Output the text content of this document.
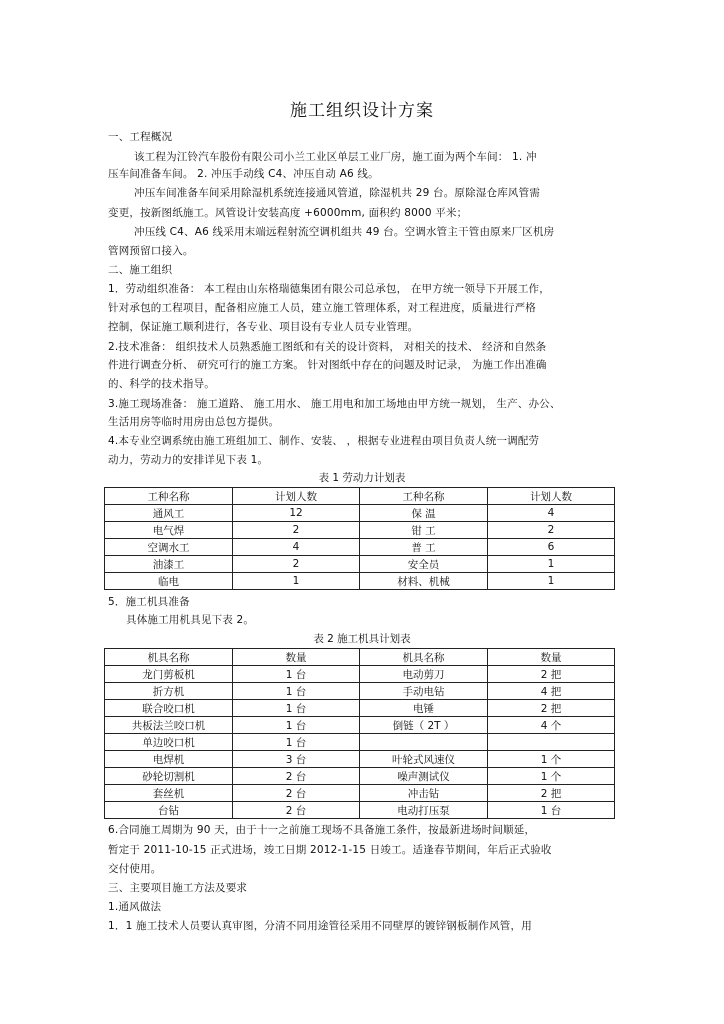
施工组织设计方案
一、工程概况
该工程为江铃汽车股份有限公司小兰工业区单层工业厂房，施工面为两个车间： 1. 冲
压车间准备车间。 2. 冲压手动线 C4、冲压自动 A6 线。
冲压车间准备车间采用除湿机系统连接通风管道，除湿机共 29 台。原除湿仓库风管需
变更，按新图纸施工。风管设计安装高度 +6000mm, 面积约 8000 平米；
冲压线 C4、A6 线采用末端远程射流空调机组共 49 台。空调水管主干管由原来厂区机房
管网预留口接入。
二、施工组织
1．劳动组织准备： 本工程由山东格瑞德集团有限公司总承包， 在甲方统一领导下开展工作，
针对承包的工程项目，配备相应施工人员，建立施工管理体系，对工程进度，质量进行严格
控制，保证施工顺利进行，各专业、项目设有专业人员专业管理。
2.技术准备： 组织技术人员熟悉施工图纸和有关的设计资料， 对相关的技术、 经济和自然条
件进行调查分析、 研究可行的施工方案。 针对图纸中存在的问题及时记录， 为施工作出准确
的、科学的技术指导。
3.施工现场准备： 施工道路、 施工用水、 施工用电和加工场地由甲方统一规划， 生产、办公、
生活用房等临时用房由总包方提供。
4.本专业空调系统由施工班组加工、制作、安装、 ，根据专业进程由项目负责人统一调配劳
动力，劳动力的安排详见下表 1。
表 1 劳动力计划表
工种名称	计划人数	工种名称	计划人数
通风工	12	保 温	4
电气焊	2	钳 工	2
空调水工	4	普 工	6
油漆工	2	安全员	1
临电	1	材料、机械	1
5．施工机具准备
具体施工用机具见下表 2。
表 2 施工机具计划表
机具名称	数量	机具名称	数量
龙门剪板机	1 台	电动剪刀	2 把
折方机	1 台	手动电钻	4 把
联合咬口机	1 台	电锤	2 把
共板法兰咬口机	1 台	倒链（ 2T ）	4 个
单边咬口机	1 台		
电焊机	3 台	叶轮式风速仪	1 个
砂轮切割机	2 台	噪声测试仪	1 个
套丝机	2 台	冲击钻	2 把
台钻	2 台	电动打压泵	1 台
6.合同施工周期为 90 天，由于十一之前施工现场不具备施工条件，按最新进场时间顺延，
暂定于 2011-10-15 正式进场，竣工日期 2012-1-15 日竣工。适逢春节期间，年后正式验收
交付使用。
三、主要项目施工方法及要求
1.通风做法
1．1 施工技术人员要认真审图，分清不同用途管径采用不同壁厚的镀锌钢板制作风管，用
